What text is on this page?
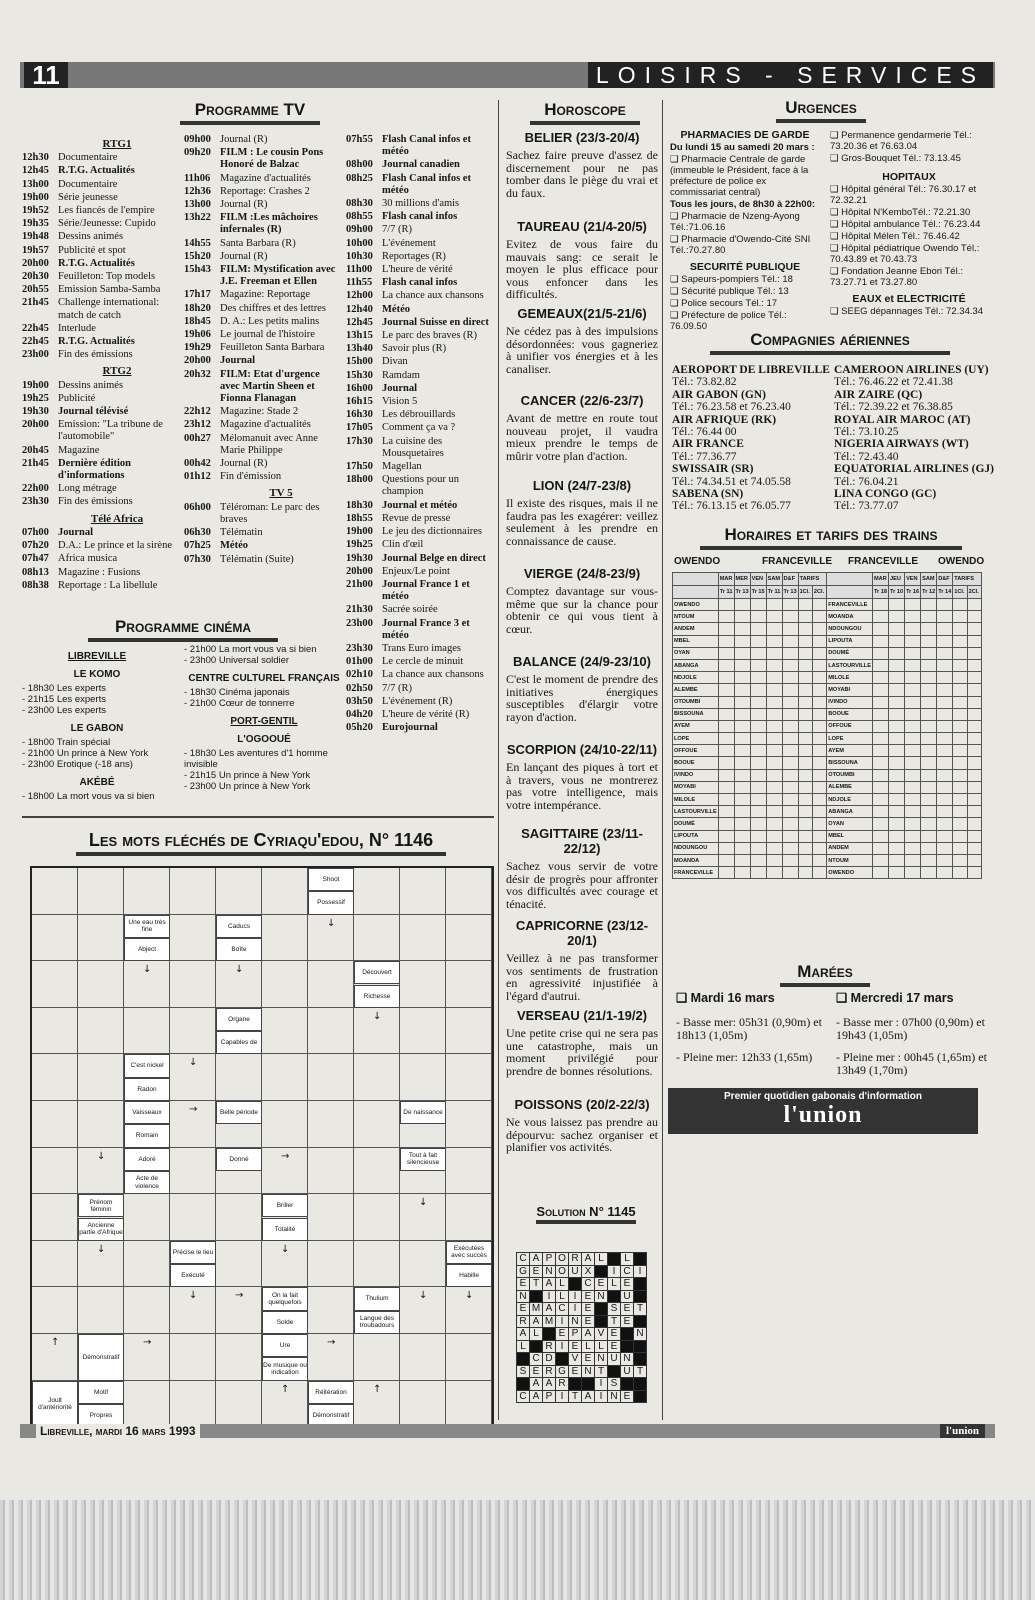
11	LOISIRS - SERVICES
Programme TV
RTG1
12h30 Documentaire
12h45 R.T.G. Actualités
13h00 Documentaire
19h00 Série jeunesse
19h52 Les fiancés de l'empire
19h35 Série/Jeunesse: Cupido
19h48 Dessins animés
19h57 Publicité et spot
20h00 R.T.G. Actualités
20h30 Feuilleton: Top models
20h55 Emission Samba-Samba
21h45 Challenge international: match de catch
22h45 Interlude
22h45 R.T.G. Actualités
23h00 Fin des émissions
RTG2
19h00 Dessins animés
19h25 Publicité
19h30 Journal télévisé
20h00 Emission: "La tribune de l'automobile"
20h45 Magazine
21h45 Dernière édition d'informations
22h00 Long métrage
23h30 Fin des émissions
Télé Africa
07h00 Journal
07h20 D.A.: Le prince et la sirène
07h47 Africa musica
08h13 Magazine : Fusions
08h38 Reportage : La libellule
09h00 Journal (R)
09h20 FILM : Le cousin Pons Honoré de Balzac
11h06 Magazine d'actualités
12h36 Reportage: Crashes 2
13h00 Journal (R)
13h22 FILM :Les mâchoires infernales (R)
14h55 Santa Barbara (R)
15h20 Journal (R)
15h43 FILM: Mystification avec J.E. Freeman et Ellen
17h17 Magazine: Reportage
18h20 Des chiffres et des lettres
18h45 D. A.: Les petits malins
19h06 Le journal de l'histoire
19h29 Feuilleton Santa Barbara
20h00 Journal
20h32 FILM: Etat d'urgence avec Martin Sheen et Fionna Flanagan
22h12 Magazine: Stade 2
23h12 Magazine d'actualités
00h27 Mélomanuit avec Anne Marie Philippe
00h42 Journal (R)
01h12 Fin d'émission
TV 5
06h00 Téléroman: Le parc des braves
06h30 Télématin
07h25 Météo
07h30 Télématin (Suite)
07h55 Flash Canal infos et météo
08h00 Journal canadien
08h25 Flash Canal infos et météo
08h30 30 millions d'amis
08h55 Flash canal infos
09h00 7/7 (R)
10h00 L'événement
10h30 Reportages (R)
11h00 L'heure de vérité
11h55 Flash canal infos
12h00 La chance aux chansons
12h40 Météo
12h45 Journal Suisse en direct
13h15 Le parc des braves (R)
13h40 Savoir plus (R)
15h00 Divan
15h30 Ramdam
16h00 Journal
16h15 Vision 5
16h30 Les débrouillards
17h05 Comment ça va ?
17h30 La cuisine des Mousquetaires
17h50 Magellan
18h00 Questions pour un champion
18h30 Journal et météo
18h55 Revue de presse
19h00 Le jeu des dictionnaires
19h25 Clin d'œil
19h30 Journal Belge en direct
20h00 Enjeux/Le point
21h00 Journal France 1 et météo
21h30 Sacrée soirée
23h00 Journal France 3 et météo
23h30 Trans Euro images
01h00 Le cercle de minuit
02h10 La chance aux chansons
02h50 7/7 (R)
03h50 L'événement (R)
04h20 L'heure de vérité (R)
05h20 Eurojournal
Programme cinéma
LIBREVILLE
LE KOMO
- 18h30 Les experts
- 21h15 Les experts
- 23h00 Les experts
LE GABON
- 18h00 Train spécial
- 21h00 Un prince à New York
- 23h00 Erotique (-18 ans)
AKÉBÉ
- 18h00 La mort vous va si bien
- 21h00 La mort vous va si bien
- 23h00 Universal soldier
CENTRE CULTUREL FRANÇAIS
- 18h30 Cinéma japonais
- 21h00 Cœur de tonnerre
PORT-GENTIL
L'OGOOUÉ
- 18h30 Les aventures d'1 homme invisible
- 21h15 Un prince à New York
- 23h00 Un prince à New York
Horoscope
BELIER (23/3-20/4)
Sachez faire preuve d'assez de discernement pour ne pas tomber dans le piège du vrai et du faux.
TAUREAU (21/4-20/5)
Evitez de vous faire du mauvais sang: ce serait le moyen le plus efficace pour vous enfoncer dans les difficultés.
GEMEAUX(21/5-21/6)
Ne cédez pas à des impulsions désordonnées: vous gagneriez à unifier vos énergies et à les canaliser.
CANCER (22/6-23/7)
Avant de mettre en route tout nouveau projet, il vaudra mieux prendre le temps de mûrir votre plan d'action.
LION (24/7-23/8)
Il existe des risques, mais il ne faudra pas les exagérer: veillez seulement à les prendre en connaissance de cause.
VIERGE (24/8-23/9)
Comptez davantage sur vous-même que sur la chance pour obtenir ce qui vous tient à cœur.
BALANCE (24/9-23/10)
C'est le moment de prendre des initiatives énergiques susceptibles d'élargir votre rayon d'action.
SCORPION (24/10-22/11)
En lançant des piques à tort et à travers, vous ne montrerez pas votre intelligence, mais votre intempérance.
SAGITTAIRE (23/11-22/12)
Sachez vous servir de votre désir de progrès pour affronter vos difficultés avec courage et ténacité.
CAPRICORNE (23/12-20/1)
Veillez à ne pas transformer vos sentiments de frustration en agressivité injustifiée à l'égard d'autrui.
VERSEAU (21/1-19/2)
Une petite crise qui ne sera pas une catastrophe, mais un moment privilégié pour prendre de bonnes résolutions.
POISSONS (20/2-22/3)
Ne vous laissez pas prendre au dépourvu: sachez organiser et planifier vos activités.
Urgences
PHARMACIES DE GARDE
Du lundi 15 au samedi 20 mars :
❑ Pharmacie Centrale de garde (immeuble le Président, face à la préfecture de police ex commissariat central)
Tous les jours, de 8h30 à 22h00:
❑ Pharmacie de Nzeng-Ayong Tél.:71.06.16
❑ Pharmacie d'Owendo-Cité SNI Tél.:70.27.80
SECURITÉ PUBLIQUE
❑ Sapeurs-pompiers Tél.: 18
❑ Sécurité publique Tél.: 13
❑ Police secours Tél.: 17
❑ Préfecture de police Tél.: 76.09.50
❑ Permanence gendarmerie Tél.: 73.20.36 et 76.63.04
❑ Gros-Bouquet Tél.: 73.13.45
HOPITAUX
❑ Hôpital général Tél.: 76.30.17 et 72.32.21
❑ Hôpital N'KemboTél.: 72.21.30
❑ Hôpital ambulance Tél.: 76.23.44
❑ Hôpital Mélen Tél.: 76.46.42
❑ Hôpital pédiatrique Owendo Tél.: 70.43.89 et 70.43.73
❑ Fondation Jeanne Ebori Tél.: 73.27.71 et 73.27.80
EAUX et ELECTRICITÉ
❑ SEEG dépannages Tél.: 72.34.34
Compagnies aériennes
AEROPORT DE LIBREVILLE
Tél.: 73.82.82
AIR GABON (GN)
Tél.: 76.23.58 et 76.23.40
AIR AFRIQUE (RK)
Tél.: 76.44 00
AIR FRANCE
Tél.: 77.36.77
SWISSAIR (SR)
Tél.: 74.34.51 et 74.05.58
SABENA (SN)
Tél.: 76.13.15 et 76.05.77
CAMEROON AIRLINES (UY)
Tél.: 76.46.22 et 72.41.38
AIR ZAIRE (QC)
Tél.: 72.39.22 et 76.38.85
ROYAL AIR MAROC (AT)
Tél.: 73.10.25
NIGERIA AIRWAYS (WT)
Tél.: 72.43.40
EQUATORIAL AIRLINES (GJ)
Tél.: 76.04.21
LINA CONGO (GC)
Tél.: 73.77.07
Horaires et tarifs des trains
OWENDO	FRANCEVILLE FRANCEVILLE OWENDO
	MAR	MER	VEN	SAM	D&F	TARIFS			MAR	JEU	VEN	SAM	D&F	TARIFS	
	Tr 11	Tr 13	Tr 15	Tr 11	Tr 13	1Cl.	2Cl.		Tr 18	Tr 10	Tr 16	Tr 12	Tr 14	1Cl.	2Cl.
OWENDO								FRANCEVILLE							
NTOUM								MOANDA							
ANDEM								NDOUNGOU							
MBEL								LIPOUTA							
OYAN								DOUMÉ							
ABANGA								LASTOURVILLE							
NDJOLE								MILOLE							
ALEMBE								MOYABI							
OTOUMBI								IVINDO							
BISSOUNA								BOOUE							
AYEM								OFFOUE							
LOPE								LOPE							
OFFOUE								AYEM							
BOOUE								BISSOUNA							
IVINDO								OTOUMBI							
MOYABI								ALEMBE							
MILOLE								NDJOLE							
LASTOURVILLE								ABANGA							
DOUMÉ								OYAN							
LIPOUTA								MBEL							
NDOUNGOU								ANDEM							
MOANDA								NTOUM							
FRANCEVILLE								OWENDO							
Marées
❑ Mardi 16 mars
- Basse mer: 05h31 (0,90m) et 18h13 (1,05m)
- Pleine mer: 12h33 (1,65m)
❑ Mercredi 17 mars
- Basse mer : 07h00 (0,90m) et 19h43 (1,05m)
- Pleine mer : 00h45 (1,65m) et 13h49 (1,70m)
Premier quotidien gabonais d'information
l'union
Les mots fléchés de Cyriaqu'edou, N° 1146
Shoot
Possessif
Une eau très fine
Abject
Caducs
Boîte
Découvert
Richesse
Organe
Capables de
C'est nickel
Radon
Vaisseaux
Romain
Adoré
Acte de violence
Belle période
Donné
De naissance
Tout à fait silencieuse
Prénom féminin
Ancienne partie d'Afrique
Briller
Totalité
Précise le lieu
Exécuté
Exécutées avec succès
Habille
On la fait quelquefois
Solde
Thulium
Langue des troubadours
Ure
De musique ou indication
Démonstratif
Joult d'antériorité
Motif
Propres
Réitération
Démonstratif
↓
↓	↓
↓
↓
↓
→
→
↓
↓
↓
↓
↓	↓
↑	→
→
→
↑
↑
Solution N° 1145
C	A	P	O	R	A	L		L	
G	E	N	O	U	X		I	C	I
E	T	A	L		C	E	L	E	
N		I	L	I	E	N		U	
E	M	A	C	I	E		S	E	T
R	A	M	I	N	E		T	E	
A	L		E	P	A	V	E		N
L		R	I	E	L	L	E		
	C	D		V	E	N	U	N	
S	E	R	G	E	N	T		U	T
	A	A	R			I	S		
C	A	P	I	T	A	I	N	E	
Libreville, mardi 16 mars 1993	l'union
